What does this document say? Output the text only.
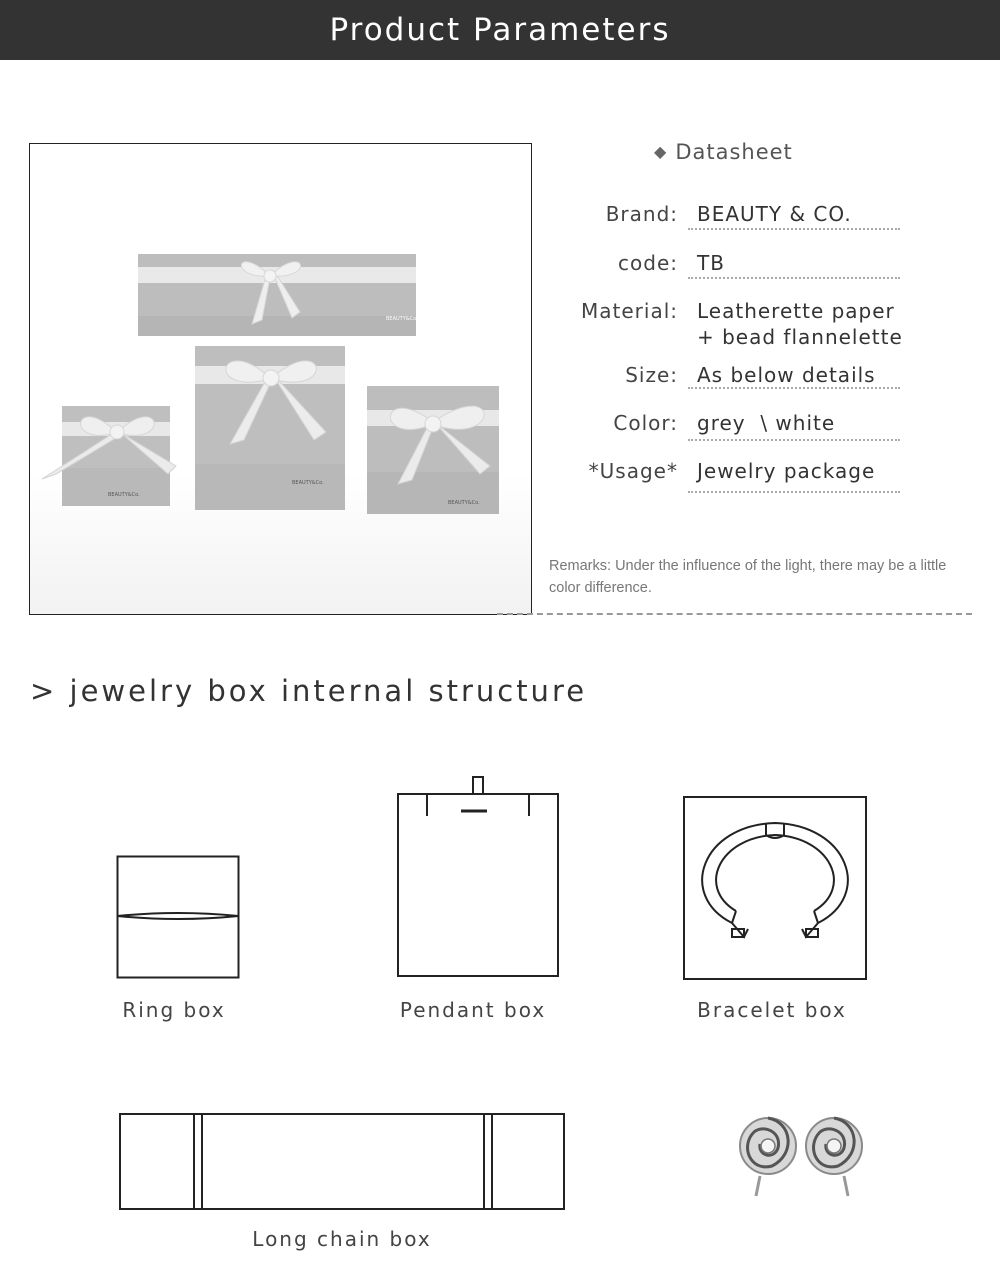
Product Parameters
BEAUTY&Co.
BEAUTY&Co.
BEAUTY&Co.
BEAUTY&Co.
◆ Datasheet
Brand: BEAUTY & CO.
code: TB
Material: Leatherette paper
+ bead flannelette
Size: As below details
Color: grey  \ white
*Usage* Jewelry package
Remarks: Under the influence of the light, there may be a little color difference.
> jewelry box internal structure
Ring box	Pendant box	Bracelet box
Long chain box
